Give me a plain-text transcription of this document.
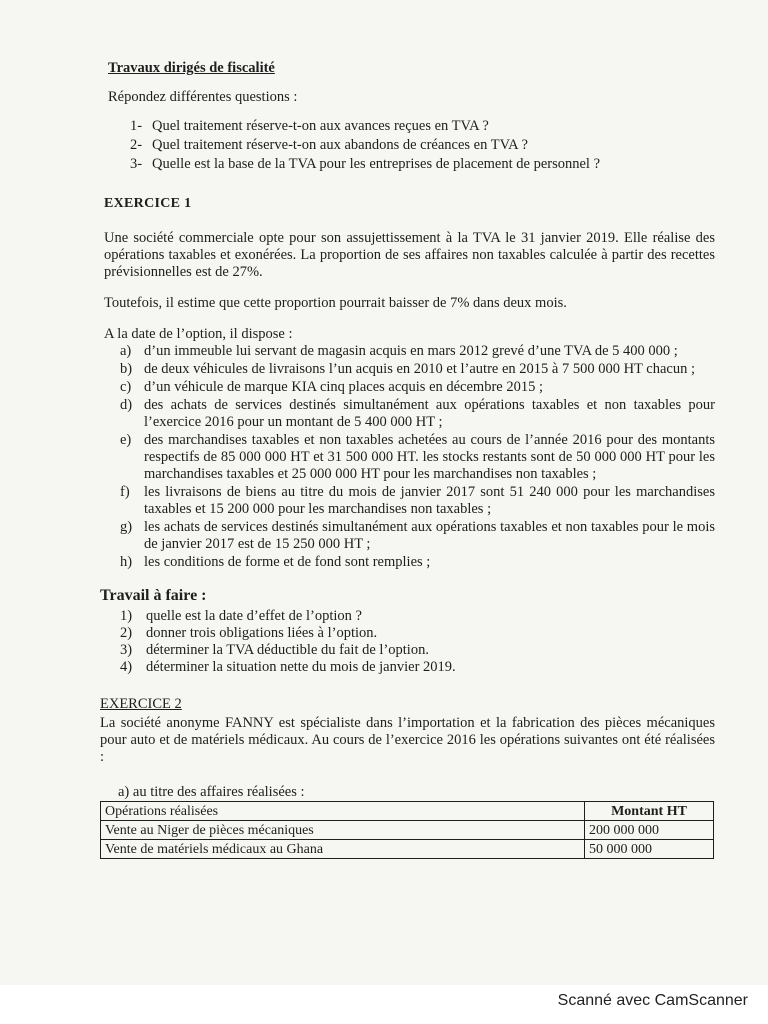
Travaux dirigés de fiscalité
Répondez différentes questions :
1- Quel traitement réserve-t-on aux avances reçues en TVA ?
2- Quel traitement réserve-t-on aux abandons de créances en TVA ?
3- Quelle est la base de la TVA pour les entreprises de placement de personnel ?
EXERCICE 1
Une société commerciale opte pour son assujettissement à la TVA le 31 janvier 2019. Elle réalise des opérations taxables et exonérées. La proportion de ses affaires non taxables calculée à partir des recettes prévisionnelles est de 27%.
Toutefois, il estime que cette proportion pourrait baisser de 7% dans deux mois.
A la date de l’option, il dispose :
a) d’un immeuble lui servant de magasin acquis en mars 2012 grevé d’une TVA de 5 400 000 ;
b) de deux véhicules de livraisons l’un acquis en 2010 et l’autre en 2015 à 7 500 000 HT chacun ;
c) d’un véhicule de marque KIA cinq places acquis en décembre 2015 ;
d) des achats de services destinés simultanément aux opérations taxables et non taxables pour l’exercice 2016 pour un montant de 5 400 000 HT ;
e) des marchandises taxables et non taxables achetées au cours de l’année 2016 pour des montants respectifs de 85 000 000 HT et 31 500 000 HT. les stocks restants sont de 50 000 000 HT pour les marchandises taxables et 25 000 000 HT pour les marchandises non taxables ;
f) les livraisons de biens au titre du mois de janvier 2017 sont 51 240 000 pour les marchandises taxables et 15 200 000 pour les marchandises non taxables ;
g) les achats de services destinés simultanément aux opérations taxables et non taxables pour le mois de janvier 2017 est de 15 250 000 HT ;
h) les conditions de forme et de fond sont remplies ;
Travail à faire :
1) quelle est la date d’effet de l’option ?
2) donner trois obligations liées à l’option.
3) déterminer la TVA déductible du fait de l’option.
4) déterminer la situation nette du mois de janvier 2019.
EXERCICE 2
La société anonyme FANNY est spécialiste dans l’importation et la fabrication des pièces mécaniques pour auto et de matériels médicaux. Au cours de l’exercice 2016 les opérations suivantes ont été réalisées :
a) au titre des affaires réalisées :
Opérations réalisées	Montant HT
Vente au Niger de pièces mécaniques	200 000 000
Vente de matériels médicaux au Ghana	50 000 000
Scanné avec CamScanner
